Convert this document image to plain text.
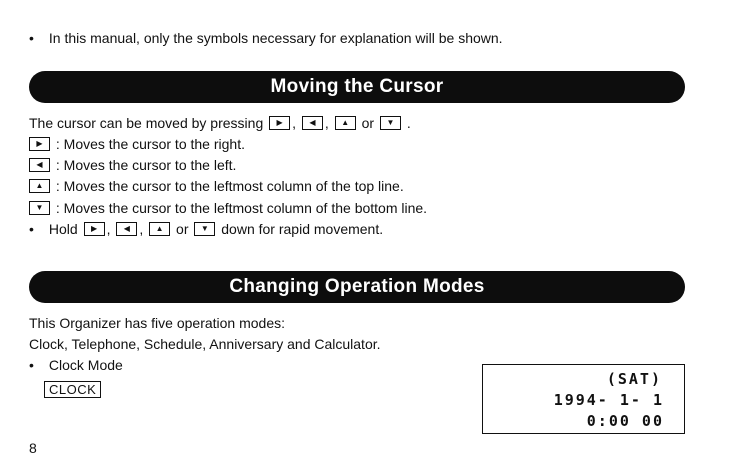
• In this manual, only the symbols necessary for explanation will be shown.
Moving the Cursor
The cursor can be moved by pressing	▶ ,	◀ ,	▲ or	▼ .
▶ : Moves the cursor to the right.
◀ : Moves the cursor to the left.
▲ : Moves the cursor to the leftmost column of the top line.
▼ : Moves the cursor to the leftmost column of the bottom line.
• Hold	▶ ,	◀ ,	▲ or	▼ down for rapid movement.
Changing Operation Modes
This Organizer has five operation modes:
Clock, Telephone, Schedule, Anniversary and Calculator.
• Clock Mode
CLOCK
(SAT)
1994- 1- 1
0:00 00
8
